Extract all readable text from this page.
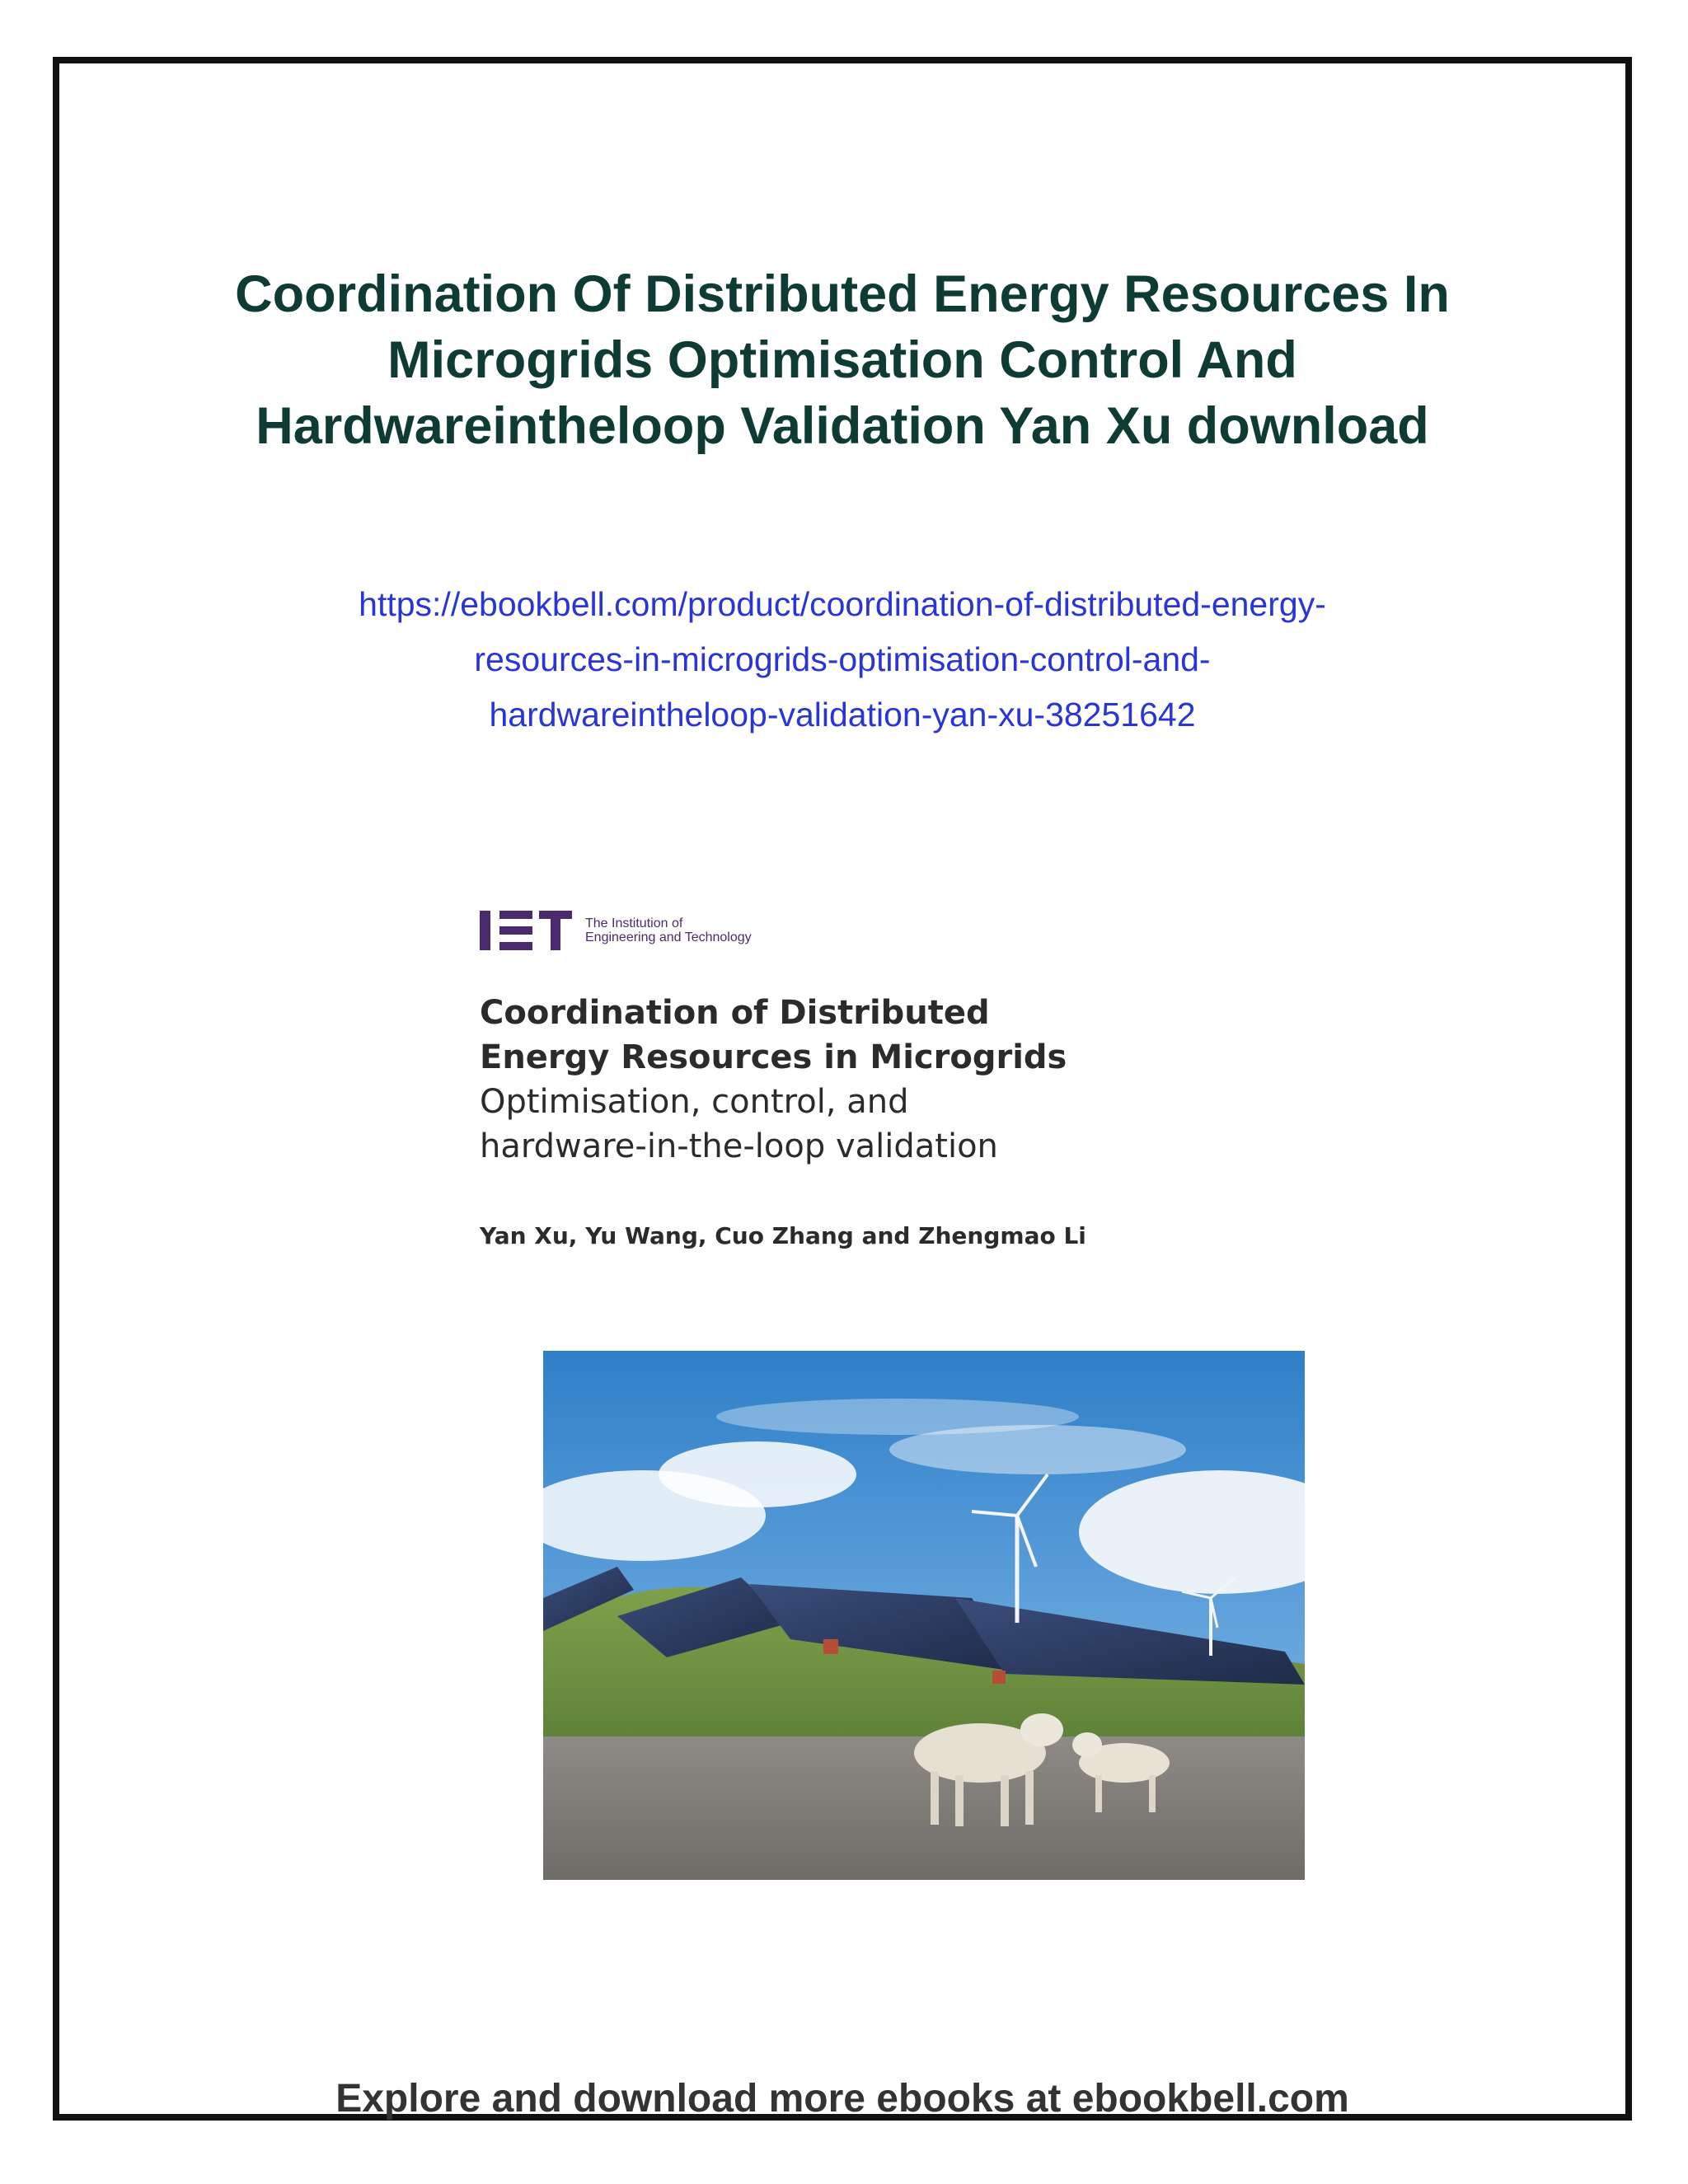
Coordination Of Distributed Energy Resources In
Microgrids Optimisation Control And
Hardwareintheloop Validation Yan Xu download
https://ebookbell.com/product/coordination-of-distributed-energy-
resources-in-microgrids-optimisation-control-and-
hardwareintheloop-validation-yan-xu-38251642
The Institution of
Engineering and Technology
Coordination of Distributed
Energy Resources in Microgrids
Optimisation, control, and
hardware-in-the-loop validation
Yan Xu, Yu Wang, Cuo Zhang and Zhengmao Li
Explore and download more ebooks at ebookbell.com
